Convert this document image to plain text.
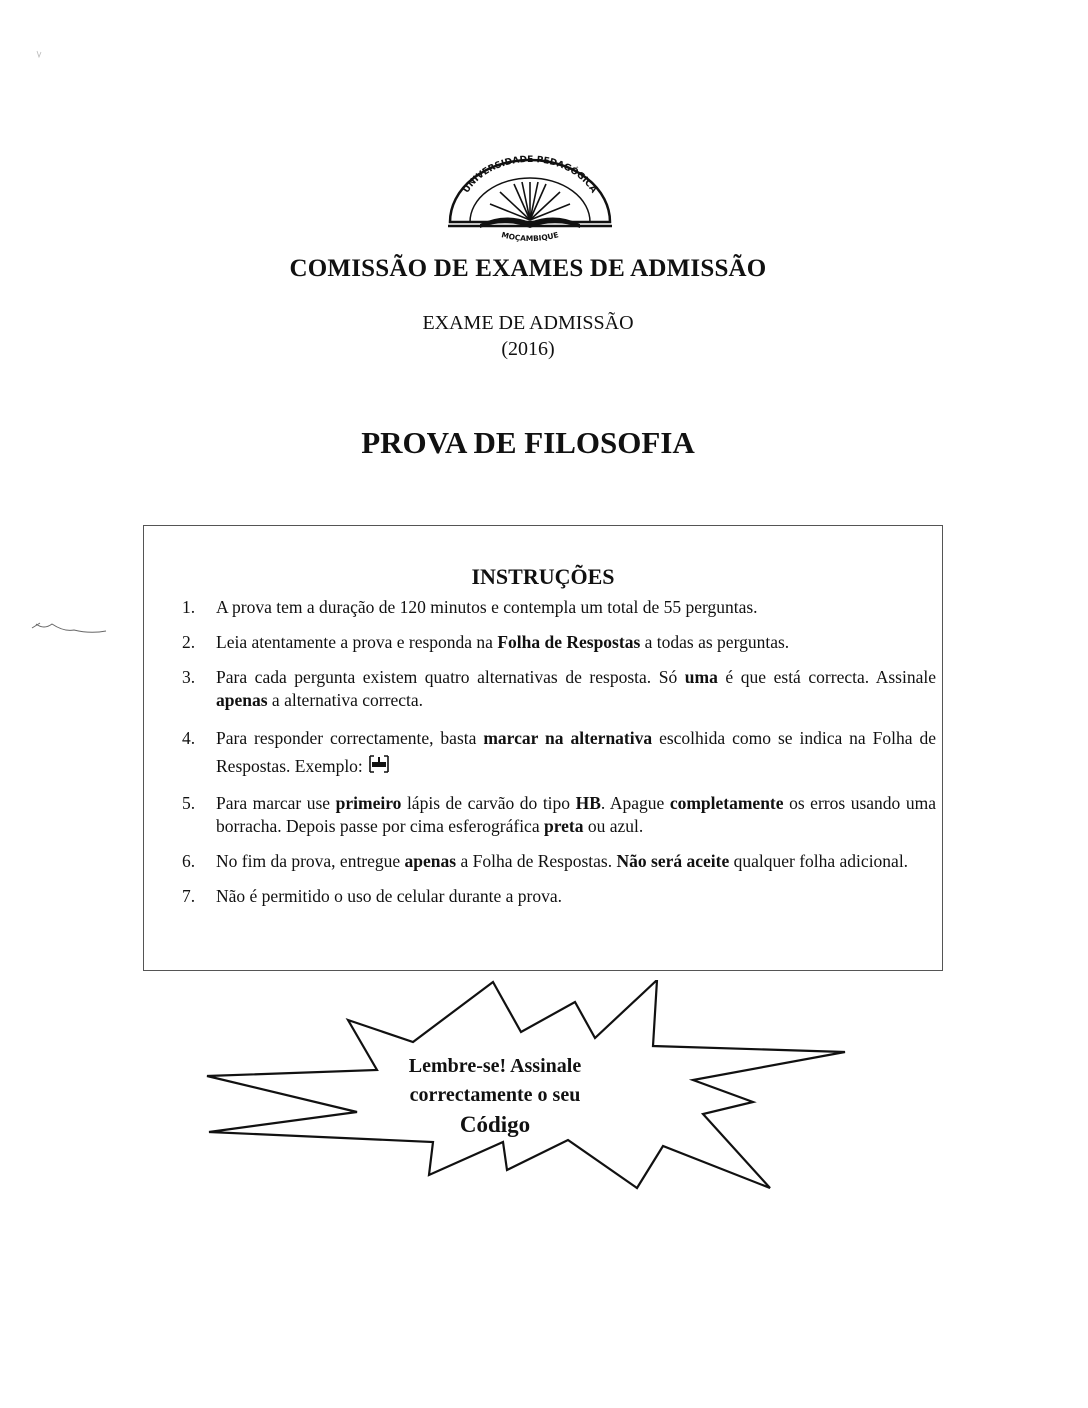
UNIVERSIDADE PEDAGÓGICA
MOÇAMBIQUE
COMISSÃO DE EXAMES DE ADMISSÃO
EXAME DE ADMISSÃO
(2016)
PROVA DE FILOSOFIA
INSTRUÇÕES
1. A prova tem a duração de 120 minutos e contempla um total de 55 perguntas.
2. Leia atentamente a prova e responda na Folha de Respostas a todas as perguntas.
3. Para cada pergunta existem quatro alternativas de resposta. Só uma é que está correcta. Assinale apenas a alternativa correcta.
4. Para responder correctamente, basta marcar na alternativa escolhida como se indica na Folha de Respostas. Exemplo:
5. Para marcar use primeiro lápis de carvão do tipo HB. Apague completamente os erros usando uma borracha. Depois passe por cima esferográfica preta ou azul.
6. No fim da prova, entregue apenas a Folha de Respostas. Não será aceite qualquer folha adicional.
7. Não é permitido o uso de celular durante a prova.
Lembre-se! Assinale
correctamente o seu
Código
